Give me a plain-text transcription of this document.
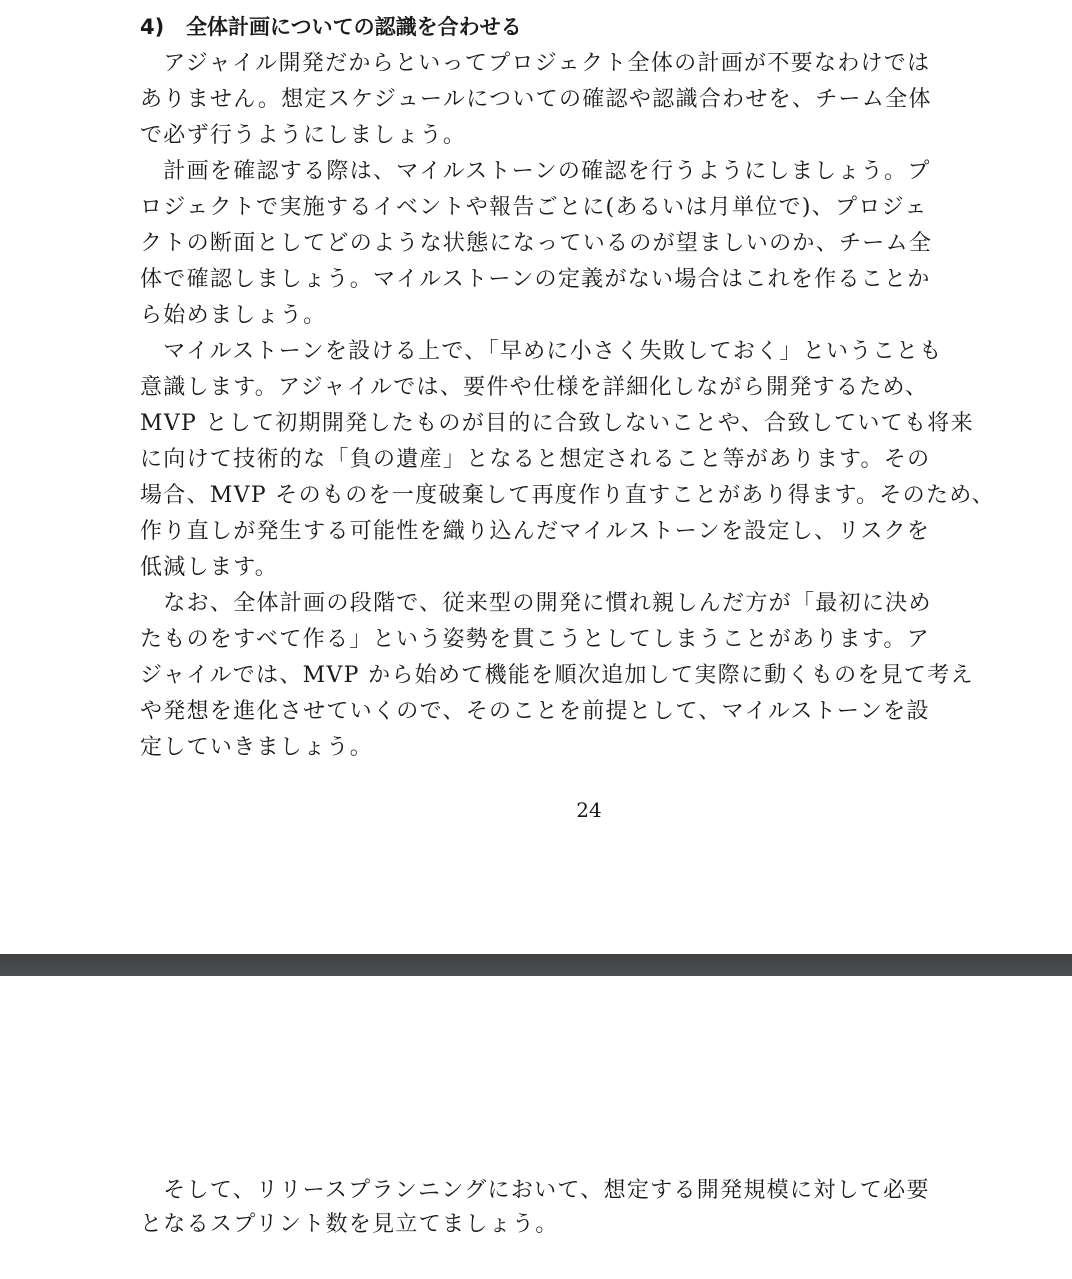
4) 全体計画についての認識を合わせる
　アジャイル開発だからといってプロジェクト全体の計画が不要なわけでは
ありません。想定スケジュールについての確認や認識合わせを、チーム全体
で必ず行うようにしましょう。
　計画を確認する際は、マイルストーンの確認を行うようにしましょう。プ
ロジェクトで実施するイベントや報告ごとに(あるいは月単位で)、プロジェ
クトの断面としてどのような状態になっているのが望ましいのか、チーム全
体で確認しましょう。マイルストーンの定義がない場合はこれを作ることか
ら始めましょう。
　マイルストーンを設ける上で、「早めに小さく失敗しておく」ということも
意識します。アジャイルでは、要件や仕様を詳細化しながら開発するため、
MVP として初期開発したものが目的に合致しないことや、合致していても将来
に向けて技術的な「負の遺産」となると想定されること等があります。その
場合、MVP そのものを一度破棄して再度作り直すことがあり得ます。そのため、
作り直しが発生する可能性を織り込んだマイルストーンを設定し、リスクを
低減します。
　なお、全体計画の段階で、従来型の開発に慣れ親しんだ方が「最初に決め
たものをすべて作る」という姿勢を貫こうとしてしまうことがあります。ア
ジャイルでは、MVP から始めて機能を順次追加して実際に動くものを見て考え
や発想を進化させていくので、そのことを前提として、マイルストーンを設
定していきましょう。
24
　そして、リリースプランニングにおいて、想定する開発規模に対して必要
となるスプリント数を見立てましょう。
